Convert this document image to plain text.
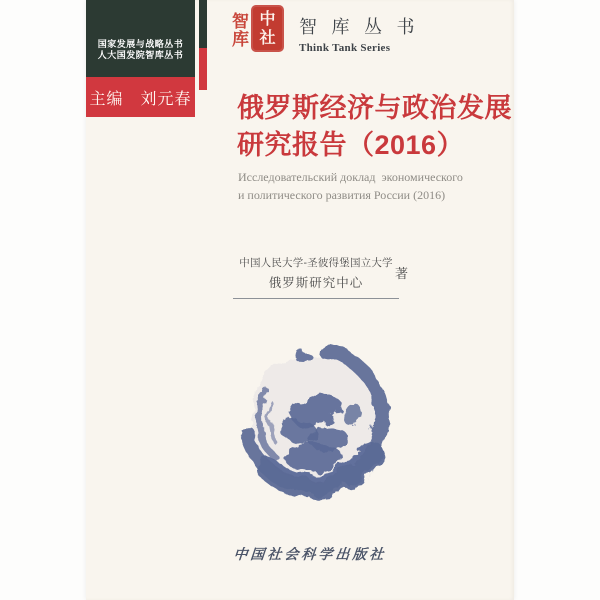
国家发展与战略丛书
人大国发院智库丛书
主编　刘元春
智
库
中
社
智 库 丛 书
Think Tank Series
俄罗斯经济与政治发展
研究报告（2016）
Исследовательский доклад  экономического
и политического развития России (2016)
中国人民大学-圣彼得堡国立大学
俄罗斯研究中心
著
中国社会科学出版社
